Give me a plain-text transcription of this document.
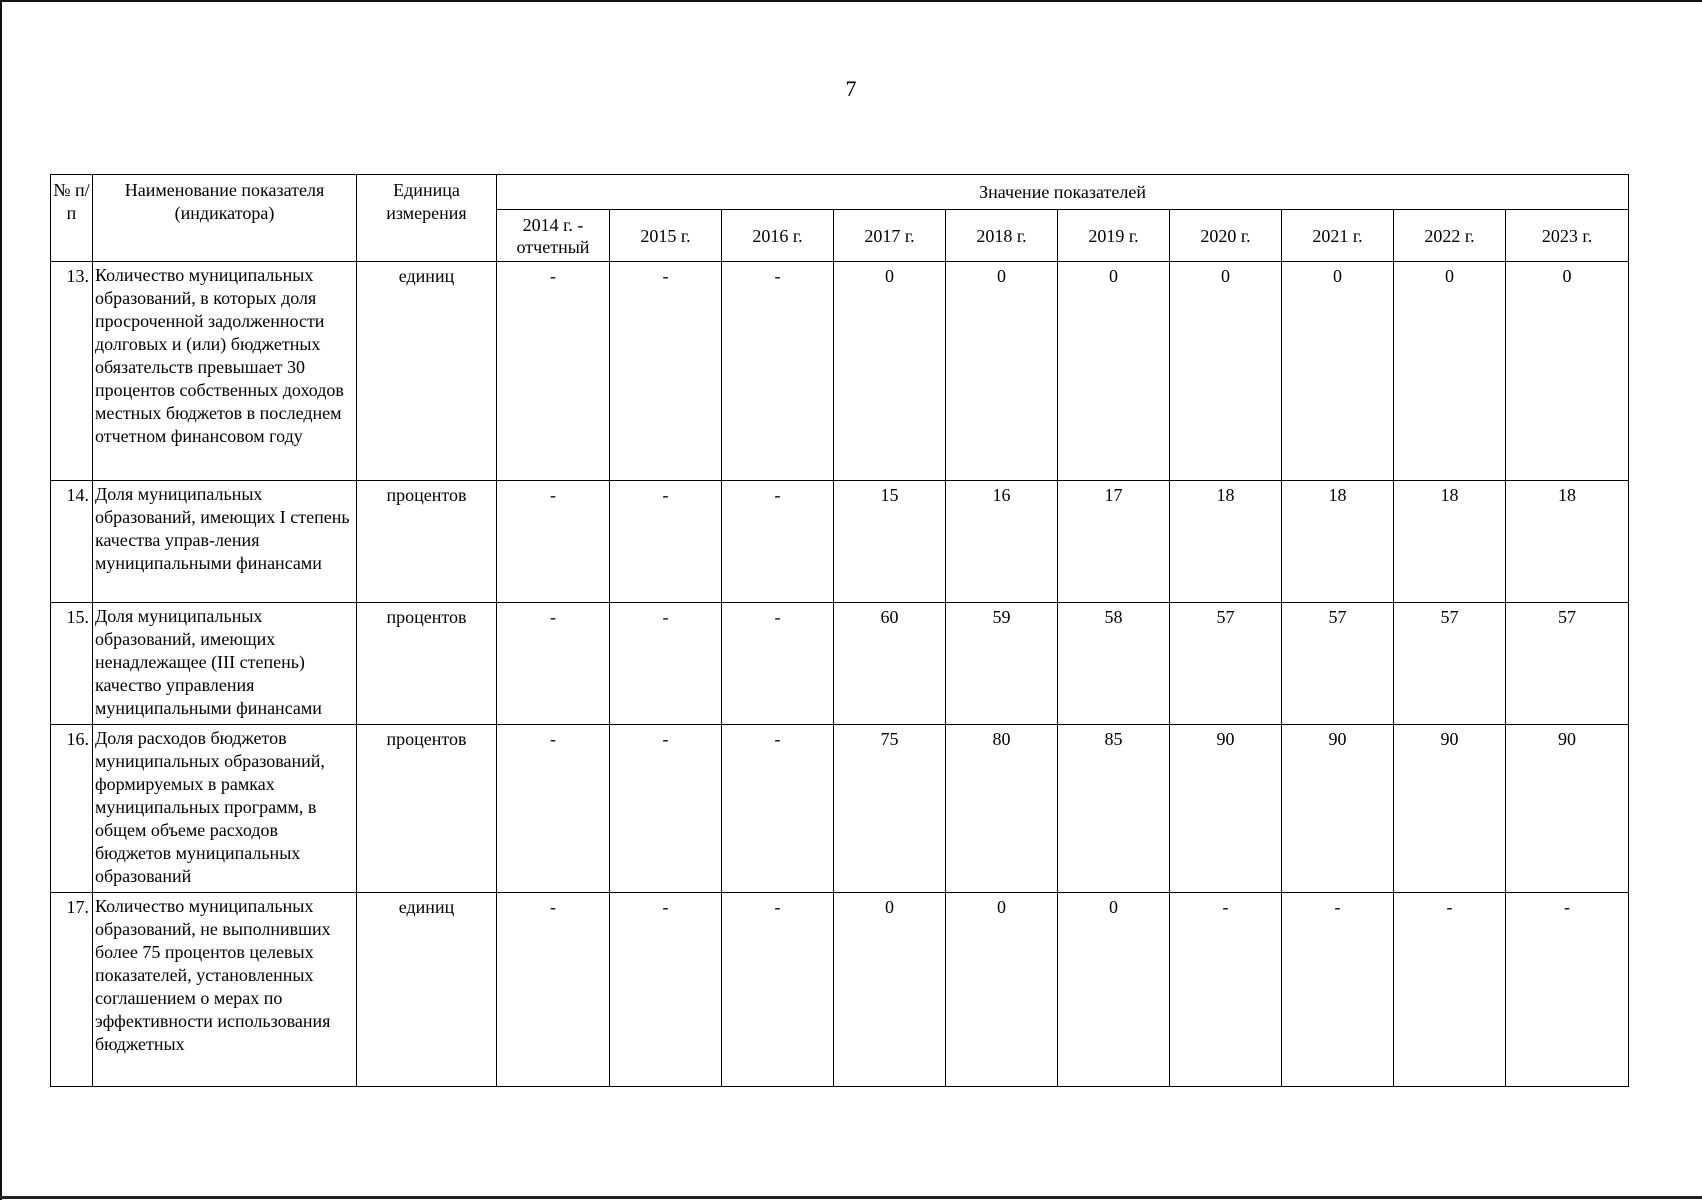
7
№ п/п	Наименование показателя (индикатора)	Единица измерения	Значение показателей									
			2014 г. - отчетный	2015 г.	2016 г.	2017 г.	2018 г.	2019 г.	2020 г.	2021 г.	2022 г.	2023 г.
13.	Количество муниципальных образований, в которых доля просроченной задолженности долговых и (или) бюджетных обязательств превышает 30 процентов собственных доходов местных бюджетов в последнем отчетном финансовом году	единиц	-	-	-	0	0	0	0	0	0	0
14.	Доля муниципальных образований, имеющих I степень качества управ-ления муниципальными финансами	процентов	-	-	-	15	16	17	18	18	18	18
15.	Доля муниципальных образований, имеющих ненадлежащее (III степень) качество управления муниципальными финансами	процентов	-	-	-	60	59	58	57	57	57	57
16.	Доля расходов бюджетов муниципальных образований, формируемых в рамках муниципальных программ, в общем объеме расходов бюджетов муниципальных образований	процентов	-	-	-	75	80	85	90	90	90	90
17.	Количество муниципальных образований, не выполнивших более 75 процентов целевых показателей, установленных соглашением о мерах по эффективности использования бюджетных	единиц	-	-	-	0	0	0	-	-	-	-
